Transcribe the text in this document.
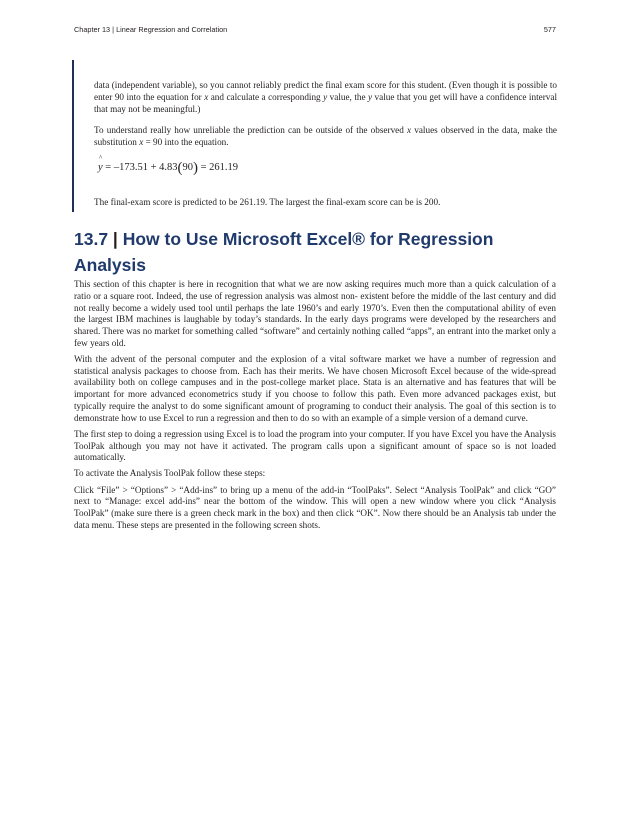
Chapter 13 | Linear Regression and Correlation	577

data (independent variable), so you cannot reliably predict the final exam score for this student. (Even though it is possible to enter 90 into the equation for x and calculate a corresponding y value, the y value that you get will have a confidence interval that may not be meaningful.)

To understand really how unreliable the prediction can be outside of the observed x values observed in the data, make the substitution x = 90 into the equation.

^
y = –173.51 + 4.83(90) = 261.19

The final-exam score is predicted to be 261.19. The largest the final-exam score can be is 200.

13.7 | How to Use Microsoft Excel® for Regression Analysis

This section of this chapter is here in recognition that what we are now asking requires much more than a quick calculation of a ratio or a square root. Indeed, the use of regression analysis was almost non- existent before the middle of the last century and did not really become a widely used tool until perhaps the late 1960’s and early 1970’s. Even then the computational ability of even the largest IBM machines is laughable by today’s standards. In the early days programs were developed by the researchers and shared. There was no market for something called “software” and certainly nothing called “apps”, an entrant into the market only a few years old.

With the advent of the personal computer and the explosion of a vital software market we have a number of regression and statistical analysis packages to choose from. Each has their merits. We have chosen Microsoft Excel because of the wide-spread availability both on college campuses and in the post-college market place. Stata is an alternative and has features that will be important for more advanced econometrics study if you choose to follow this path. Even more advanced packages exist, but typically require the analyst to do some significant amount of programing to conduct their analysis. The goal of this section is to demonstrate how to use Excel to run a regression and then to do so with an example of a simple version of a demand curve.

The first step to doing a regression using Excel is to load the program into your computer. If you have Excel you have the Analysis ToolPak although you may not have it activated. The program calls upon a significant amount of space so is not loaded automatically.

To activate the Analysis ToolPak follow these steps:

Click “File” > “Options” > “Add-ins” to bring up a menu of the add-in “ToolPaks”. Select “Analysis ToolPak” and click “GO” next to “Manage: excel add-ins” near the bottom of the window. This will open a new window where you click “Analysis ToolPak” (make sure there is a green check mark in the box) and then click “OK”. Now there should be an Analysis tab under the data menu. These steps are presented in the following screen shots.
